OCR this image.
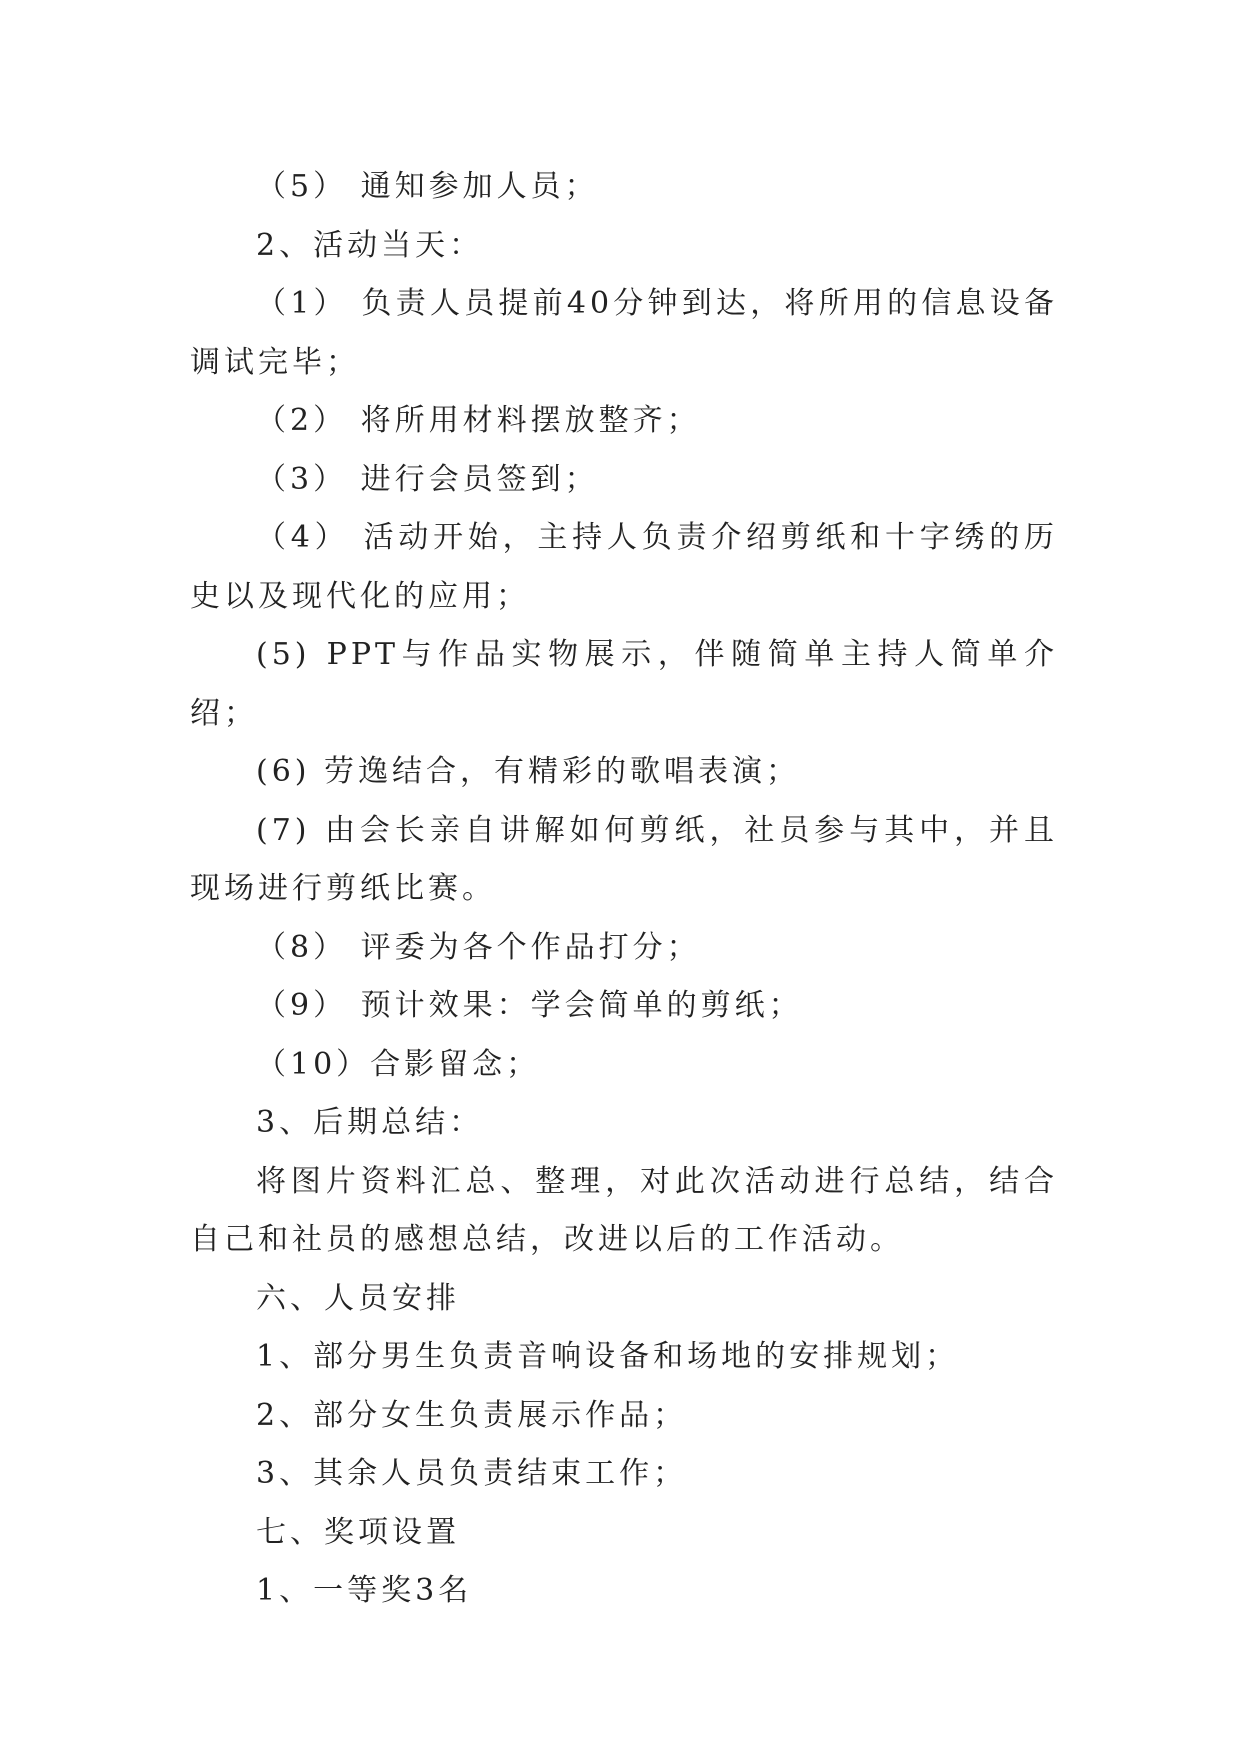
（5） 通知参加人员；

2、活动当天：

（1） 负责人员提前40分钟到达，将所用的信息设备调试完毕；

（2） 将所用材料摆放整齐；

（3） 进行会员签到；

（4） 活动开始，主持人负责介绍剪纸和十字绣的历史以及现代化的应用；

(5) PPT与作品实物展示，伴随简单主持人简单介绍；

(6) 劳逸结合，有精彩的歌唱表演；

(7) 由会长亲自讲解如何剪纸，社员参与其中，并且现场进行剪纸比赛。

（8） 评委为各个作品打分；

（9） 预计效果：学会简单的剪纸；

（10）合影留念；

3、后期总结：

将图片资料汇总、整理，对此次活动进行总结，结合自己和社员的感想总结，改进以后的工作活动。

六、人员安排

1、部分男生负责音响设备和场地的安排规划；

2、部分女生负责展示作品；

3、其余人员负责结束工作；

七、奖项设置

1、一等奖3名
